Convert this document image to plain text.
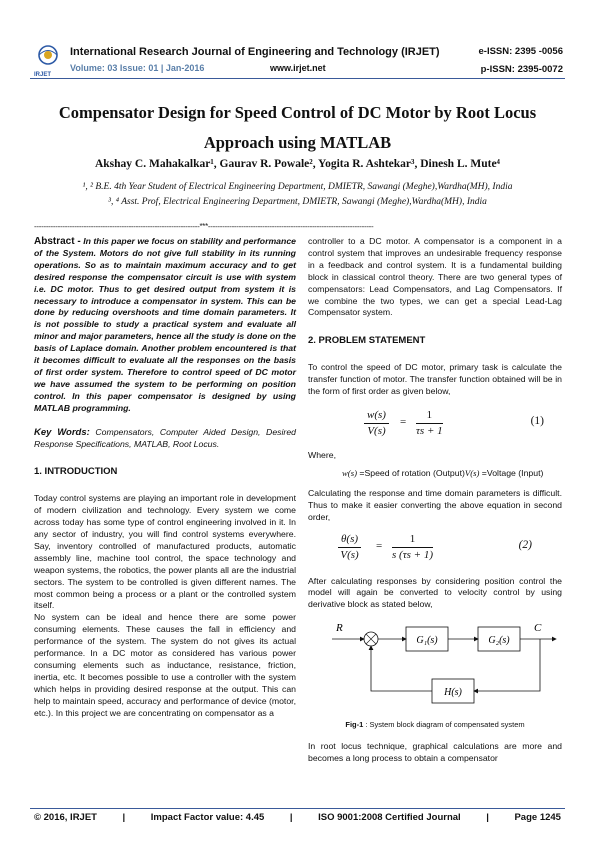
International Research Journal of Engineering and Technology (IRJET)
Volume: 03 Issue: 01 | Jan-2016	www.irjet.net
e-ISSN: 2395 -0056
p-ISSN: 2395-0072
IRJET
Compensator Design for Speed Control of DC Motor by Root Locus Approach using MATLAB
Akshay C. Mahakalkar¹, Gaurav R. Powale², Yogita R. Ashtekar³, Dinesh L. Mute⁴
¹, ² B.E. 4th Year Student of Electrical Engineering Department, DMIETR, Sawangi (Meghe),Wardha(MH), India
³, ⁴ Asst. Prof, Electrical Engineering Department, DMIETR, Sawangi (Meghe),Wardha(MH), India
----------------------------------------------------------------------***----------------------------------------------------------------------

Abstract - In this paper we focus on stability and performance of the System. Motors do not give full stability in its running operations. So as to maintain maximum accuracy and to get desired response the compensator circuit is use with system i.e. DC motor. Thus to get desired output from system it is necessary to introduce a compensator in system. This can be done by reducing overshoots and time domain parameters. It is not possible to study a practical system and evaluate all minor and major parameters, hence all the study is done on the basis of Laplace domain. Another problem encountered is that it becomes difficult to evaluate all the responses on the basis of first order system. Therefore to control speed of DC motor we have assumed the system to be performing on position control. In this paper compensator is designed by using MATLAB programming.

Key Words: Compensators, Computer Aided Design, Desired Response Specifications, MATLAB, Root Locus.

1. INTRODUCTION

Today control systems are playing an important role in development of modern civilization and technology. Every system we come across today has some type of control engineering involved in it. In any sector of industry, you will find control systems everywhere. Say, inventory controlled of manufactured products, automatic assembly line, machine tool control, the space technology and weapon systems, the robotics, the power plants all are the industrial sectors. The system to be controlled is given different names. The most common being a process or a plant or the controlled system itself.

No system can be ideal and hence there are some power consuming elements. These causes the fall in efficiency and performance of the system. The system do not gives its actual performance. In a DC motor as considered has various power consuming elements such as inductance, resistance, friction, inertia, etc. It becomes possible to use a controller with the system which helps in providing desired response at the output. This can help to maintain speed, accuracy and performance of device (motor, etc.). In this project we are concentrating on compensator as a

controller to a DC motor. A compensator is a component in a control system that improves an undesirable frequency response in a feedback and control system. It is a fundamental building block in classical control theory. There are two general types of compensators: Lead Compensators, and Lag Compensators. If we combine the two types, we can get a special Lead-Lag Compensator system.

2. PROBLEM STATEMENT

To control the speed of DC motor, primary task is calculate the transfer function of motor. The transfer function obtained will be in the form of first order as given below,

$\frac{w(s)}{V(s)} = \frac{1}{\tau s + 1}$	(1)

Where,

w(s) =Speed of rotation (Output)V(s) =Voltage (Input)

Calculating the response and time domain parameters is difficult. Thus to make it easier converting the above equation in second order,

$\frac{\theta(s)}{V(s)} = \frac{1}{s (\tau s + 1)}$	(2)

After calculating responses by considering position control the model will again be converted to velocity control by using derivative block as stated below,

R
G₁(s)	G₂(s)
C
H(s)

Fig-1 : System block diagram of compensated system

In root locus technique, graphical calculations are more and becomes a long process to obtain a compensator

© 2016, IRJET	|	Impact Factor value: 4.45	|	ISO 9001:2008 Certified Journal	|	Page 1245
